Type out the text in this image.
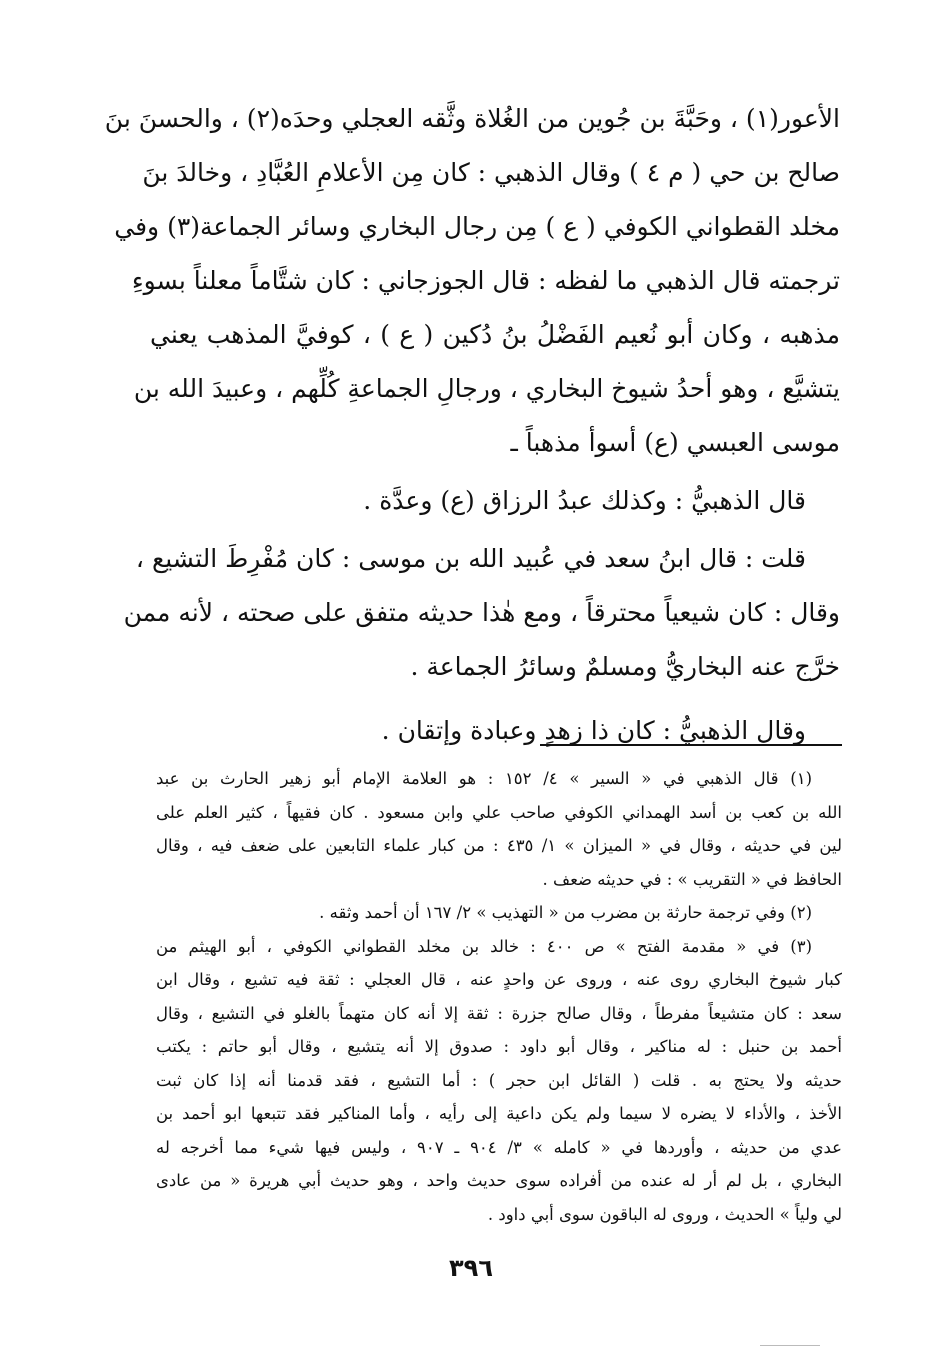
الأعور(١) ، وحَبَّةَ بن جُوين من الغُلاة وثَّقه العجلي وحدَه(٢) ، والحسنَ بنَ
صالح بن حي ( م ٤ ) وقال الذهبي : كان مِن الأعلامِ العُبَّادِ ، وخالدَ بنَ
مخلد القطواني الكوفي ( ع ) مِن رجال البخاري وسائر الجماعة(٣) وفي
ترجمته قال الذهبي ما لفظه : قال الجوزجاني : كان شتَّاماً معلناً بسوءِ
مذهبه ، وكان أبو نُعيم الفَضْلُ بنُ دُكين ( ع ) ، كوفيَّ المذهب يعني
يتشيَّع ، وهو أحدُ شيوخ البخاري ، ورجالِ الجماعةِ كُلِّهم ، وعبيدَ الله بن
موسى العبسي (ع) أسوأ مذهباً ـ
قال الذهبيُّ : وكذلك عبدُ الرزاق (ع) وعدَّة .
قلت : قال ابنُ سعد في عُبيد الله بن موسى : كان مُفْرِطَ التشيع ،
وقال : كان شيعياً محترقاً ، ومع هٰذا حديثه متفق على صحته ، لأنه ممن
خرَّج عنه البخاريُّ ومسلمٌ وسائرُ الجماعة .
وقال الذهبيُّ : كان ذا زهدٍ وعبادة وإتقان .
(١) قال الذهبي في « السير » ٤/ ١٥٢ : هو العلامة الإمام أبو زهير الحارث بن عبد
الله بن كعب بن أسد الهمداني الكوفي صاحب علي وابن مسعود . كان فقيهاً ، كثير العلم على
لين في حديثه ، وقال في « الميزان » ١/ ٤٣٥ : من كبار علماء التابعين على ضعف فيه ، وقال
الحافظ في « التقريب » : في حديثه ضعف .
(٢) وفي ترجمة حارثة بن مضرب من « التهذيب » ٢/ ١٦٧ أن أحمد وثقه .
(٣) في « مقدمة الفتح » ص ٤٠٠ : خالد بن مخلد القطواني الكوفي ، أبو الهيثم من
كبار شيوخ البخاري روى عنه ، وروى عن واحدٍ عنه ، قال العجلي : ثقة فيه تشيع ، وقال ابن
سعد : كان متشيعاً مفرطاً ، وقال صالح جزرة : ثقة إلا أنه كان متهماً بالغلو في التشيع ، وقال
أحمد بن حنبل : له مناكير ، وقال أبو داود : صدوق إلا أنه يتشيع ، وقال أبو حاتم : يكتب
حديثه ولا يحتج به . قلت ( القائل ابن حجر ) : أما التشيع ، فقد قدمنا أنه إذا كان ثبت
الأخذ ، والأداء لا يضره لا سيما ولم يكن داعية إلى رأيه ، وأما المناكير فقد تتبعها ابو أحمد بن
عدي من حديثه ، وأوردها في « كامله » ٣/ ٩٠٤ ـ ٩٠٧ ، وليس فيها شيء مما أخرجه له
البخاري ، بل لم أر له عنده من أفراده سوى حديث واحد ، وهو حديث أبي هريرة « من عادى
لي ولياً » الحديث ، وروى له الباقون سوى أبي داود .
٣٩٦
